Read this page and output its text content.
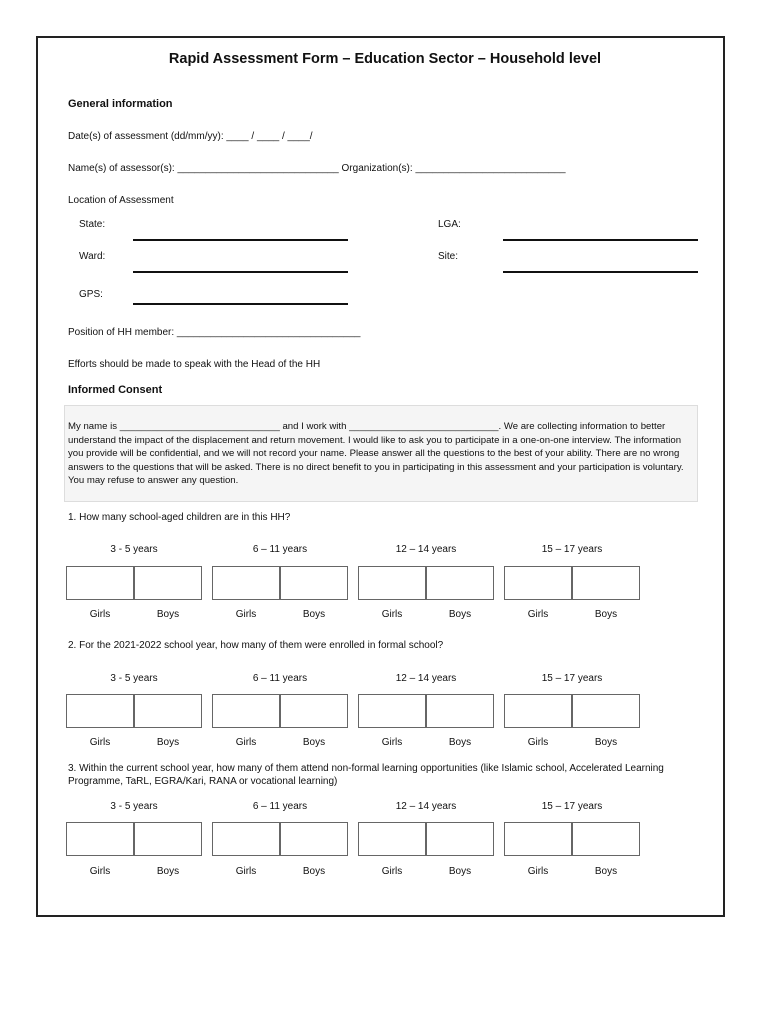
Rapid Assessment Form – Education Sector – Household level
General information
Date(s) of assessment (dd/mm/yy): ____ / ____ / ____/
Name(s) of assessor(s): _____________________________ Organization(s): ___________________________
Location of Assessment
State:	LGA:
Ward:	Site:
GPS:
Position of HH member: _________________________________
Efforts should be made to speak with the Head of the HH
Informed Consent
My name is ______________________________ and I work with ____________________________. We are collecting information to better understand the impact of the displacement and return movement. I would like to ask you to participate in a one-on-one interview. The information you provide will be confidential, and we will not record your name. Please answer all the questions to the best of your ability. There are no wrong answers to the questions that will be asked. There is no direct benefit to you in participating in this assessment and your participation is voluntary. You may refuse to answer any question.
1. How many school-aged children are in this HH?
3 - 5 years	6 – 11 years	12 – 14 years	15 – 17 years
Girls	Boys	Girls	Boys	Girls	Boys	Girls	Boys
2. For the 2021-2022 school year, how many of them were enrolled in formal school?
3 - 5 years	6 – 11 years	12 – 14 years	15 – 17 years
Girls	Boys	Girls	Boys	Girls	Boys	Girls	Boys
3. Within the current school year, how many of them attend non-formal learning opportunities (like Islamic school, Accelerated Learning Programme, TaRL, EGRA/Kari, RANA or vocational learning)
3 - 5 years	6 – 11 years	12 – 14 years	15 – 17 years
Girls	Boys	Girls	Boys	Girls	Boys	Girls	Boys
